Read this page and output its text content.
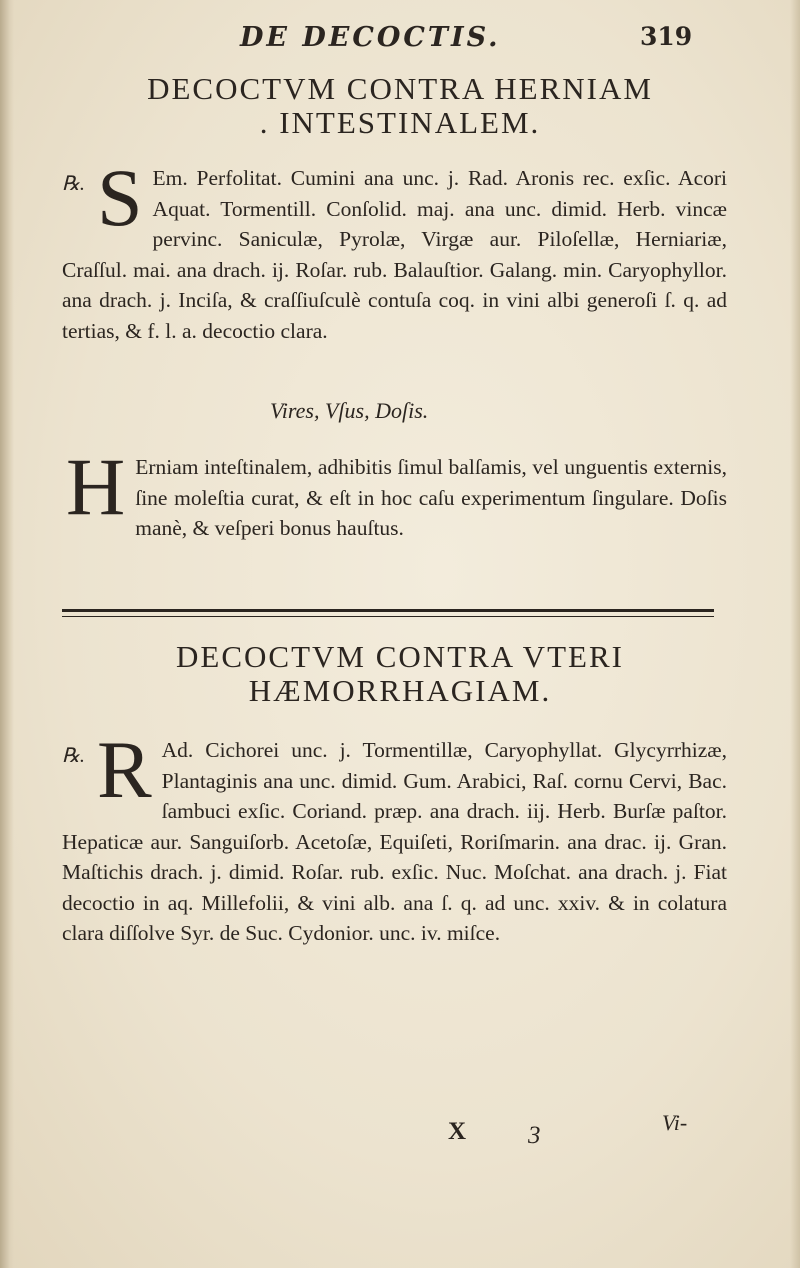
DE DECOCTIS.	319
DECOCTVM CONTRA HERNIAM
. INTESTINALEM.
℞. S Em. Perfolitat. Cumini ana unc. j. Rad. Aronis rec. exſic. Acori Aquat. Tormentill. Conſolid. maj. ana unc. dimid. Herb. vincæ pervinc. Saniculæ, Pyrolæ, Virgæ aur. Piloſellæ, Herniariæ, Craſſul. mai. ana drach. ij. Roſar. rub. Balauſtior. Galang. min. Caryophyllor. ana drach. j. Inciſa, & craſſiuſculè contuſa coq. in vini albi generoſi ſ. q. ad tertias, & f. l. a. decoctio clara.
Vires, Vſus, Doſis.
H Erniam inteſtinalem, adhibitis ſimul balſamis, vel unguentis externis, ſine moleſtia curat, & eſt in hoc caſu experimentum ſingulare. Doſis manè, & veſperi bonus hauſtus.
DECOCTVM CONTRA VTERI
HÆMORRHAGIAM.
℞. R Ad. Cichorei unc. j. Tormentillæ, Caryophyllat. Glycyrrhizæ, Plantaginis ana unc. dimid. Gum. Arabici, Raſ. cornu Cervi, Bac. ſambuci exſic. Coriand. præp. ana drach. iij. Herb. Burſæ paſtor. Hepaticæ aur. Sanguiſorb. Acetoſæ, Equiſeti, Roriſmarin. ana drac. ij. Gran. Maſtichis drach. j. dimid. Roſar. rub. exſic. Nuc. Moſchat. ana drach. j. Fiat decoctio in aq. Millefolii, & vini alb. ana ſ. q. ad unc. xxiv. & in colatura clara diſſolve Syr. de Suc. Cydonior. unc. iv. miſce.
X 3	Vi-
